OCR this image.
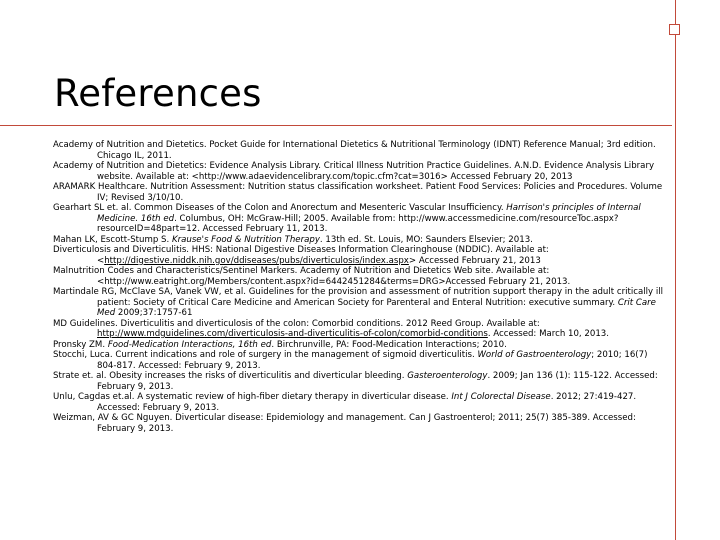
References
Academy of Nutrition and Dietetics. Pocket Guide for International Dietetics & Nutritional Terminology (IDNT) Reference Manual; 3rd edition. Chicago IL, 2011.
Academy of Nutrition and Dietetics: Evidence Analysis Library. Critical Illness Nutrition Practice Guidelines. A.N.D. Evidence Analysis Library website. Available at: <http://www.adaevidencelibrary.com/topic.cfm?cat=3016> Accessed February 20, 2013
ARAMARK Healthcare. Nutrition Assessment: Nutrition status classification worksheet. Patient Food Services: Policies and Procedures. Volume IV; Revised 3/10/10.
Gearhart SL et. al. Common Diseases of the Colon and Anorectum and Mesenteric Vascular Insufficiency. Harrison's principles of Internal Medicine. 16th ed. Columbus, OH: McGraw-Hill; 2005. Available from: http://www.accessmedicine.com/resourceToc.aspx?resourceID=48part=12. Accessed February 11, 2013.
Mahan LK, Escott-Stump S. Krause's Food & Nutrition Therapy. 13th ed. St. Louis, MO: Saunders Elsevier; 2013.
Diverticulosis and Diverticulitis. HHS: National Digestive Diseases Information Clearinghouse (NDDIC). Available at:<http://digestive.niddk.nih.gov/ddiseases/pubs/diverticulosis/index.aspx> Accessed February 21, 2013
Malnutrition Codes and Characteristics/Sentinel Markers. Academy of Nutrition and Dietetics Web site. Available at:<http://www.eatright.org/Members/content.aspx?id=6442451284&terms=DRG>Accessed February 21, 2013.
Martindale RG, McClave SA, Vanek VW, et al. Guidelines for the provision and assessment of nutrition support therapy in the adult critically ill patient: Society of Critical Care Medicine and American Society for Parenteral and Enteral Nutrition: executive summary. Crit Care Med 2009;37:1757-61
MD Guidelines. Diverticulitis and diverticulosis of the colon: Comorbid conditions. 2012 Reed Group. Available at: http://www.mdguidelines.com/diverticulosis-and-diverticulitis-of-colon/comorbid-conditions. Accessed: March 10, 2013.
Pronsky ZM. Food-Medication Interactions, 16th ed. Birchrunville, PA: Food-Medication Interactions; 2010.
Stocchi, Luca. Current indications and role of surgery in the management of sigmoid diverticulitis. World of Gastroenterology; 2010; 16(7) 804-817. Accessed: February 9, 2013.
Strate et. al. Obesity increases the risks of diverticulitis and diverticular bleeding. Gasteroenterology. 2009; Jan 136 (1): 115-122. Accessed: February 9, 2013.
Unlu, Cagdas et.al. A systematic review of high-fiber dietary therapy in diverticular disease. Int J Colorectal Disease. 2012; 27:419-427. Accessed: February 9, 2013.
Weizman, AV & GC Nguyen. Diverticular disease: Epidemiology and management. Can J Gastroenterol; 2011; 25(7) 385-389. Accessed: February 9, 2013.
